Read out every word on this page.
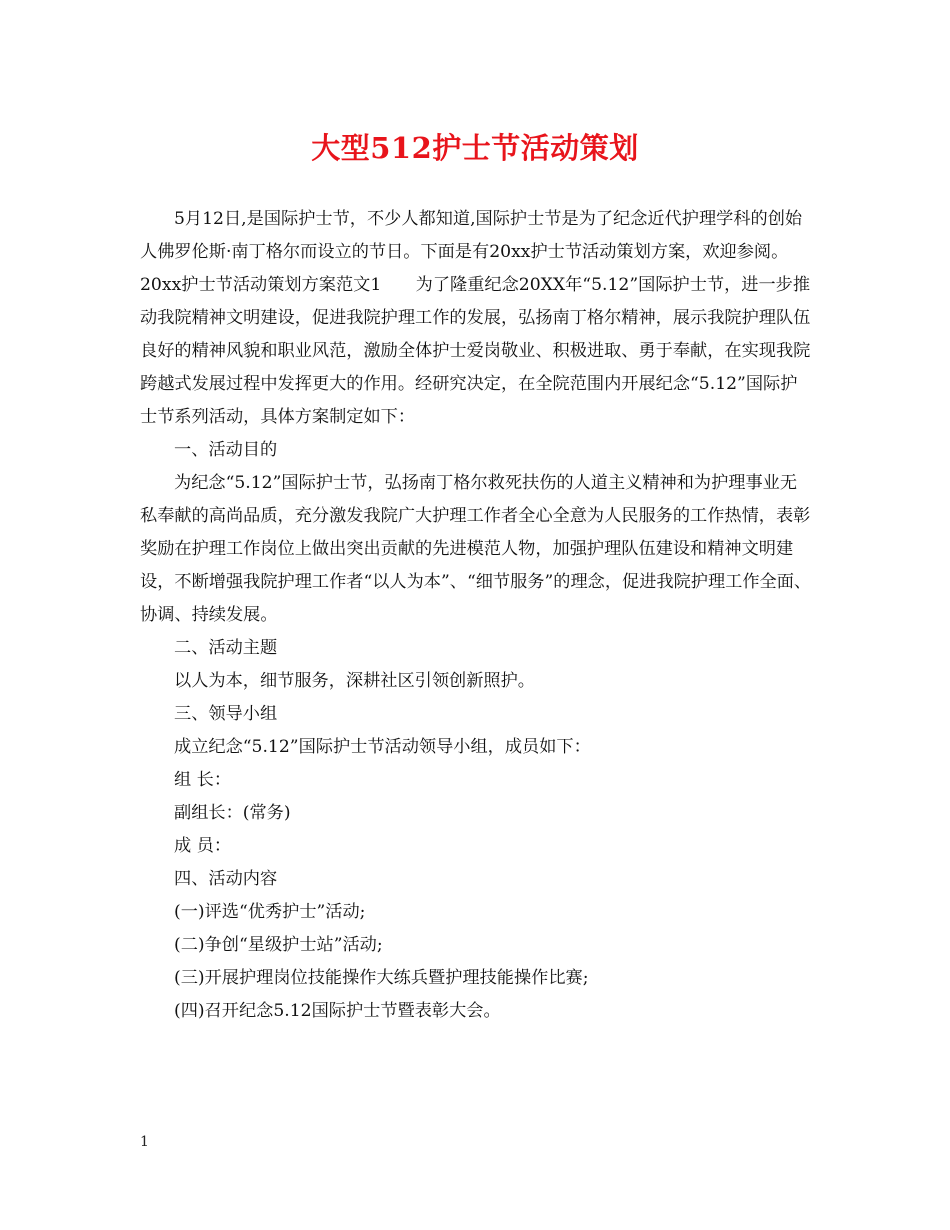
大型512护士节活动策划

5月12日,是国际护士节，不少人都知道,国际护士节是为了纪念近代护理学科的创始人佛罗伦斯·南丁格尔而设立的节日。下面是有20xx护士节活动策划方案，欢迎参阅。

20xx护士节活动策划方案范文1　　为了隆重纪念20XX年“5.12”国际护士节，进一步推动我院精神文明建设，促进我院护理工作的发展，弘扬南丁格尔精神，展示我院护理队伍良好的精神风貌和职业风范，激励全体护士爱岗敬业、积极进取、勇于奉献，在实现我院跨越式发展过程中发挥更大的作用。经研究决定，在全院范围内开展纪念“5.12”国际护士节系列活动，具体方案制定如下：

一、活动目的

为纪念“5.12”国际护士节，弘扬南丁格尔救死扶伤的人道主义精神和为护理事业无私奉献的高尚品质，充分激发我院广大护理工作者全心全意为人民服务的工作热情，表彰奖励在护理工作岗位上做出突出贡献的先进模范人物，加强护理队伍建设和精神文明建设，不断增强我院护理工作者“以人为本”、“细节服务”的理念，促进我院护理工作全面、协调、持续发展。

二、活动主题

以人为本，细节服务，深耕社区引领创新照护。

三、领导小组

成立纪念“5.12”国际护士节活动领导小组，成员如下：

组 长：

副组长：(常务)

成 员：

四、活动内容

(一)评选“优秀护士”活动;

(二)争创“星级护士站”活动;

(三)开展护理岗位技能操作大练兵暨护理技能操作比赛;

(四)召开纪念5.12国际护士节暨表彰大会。

1
